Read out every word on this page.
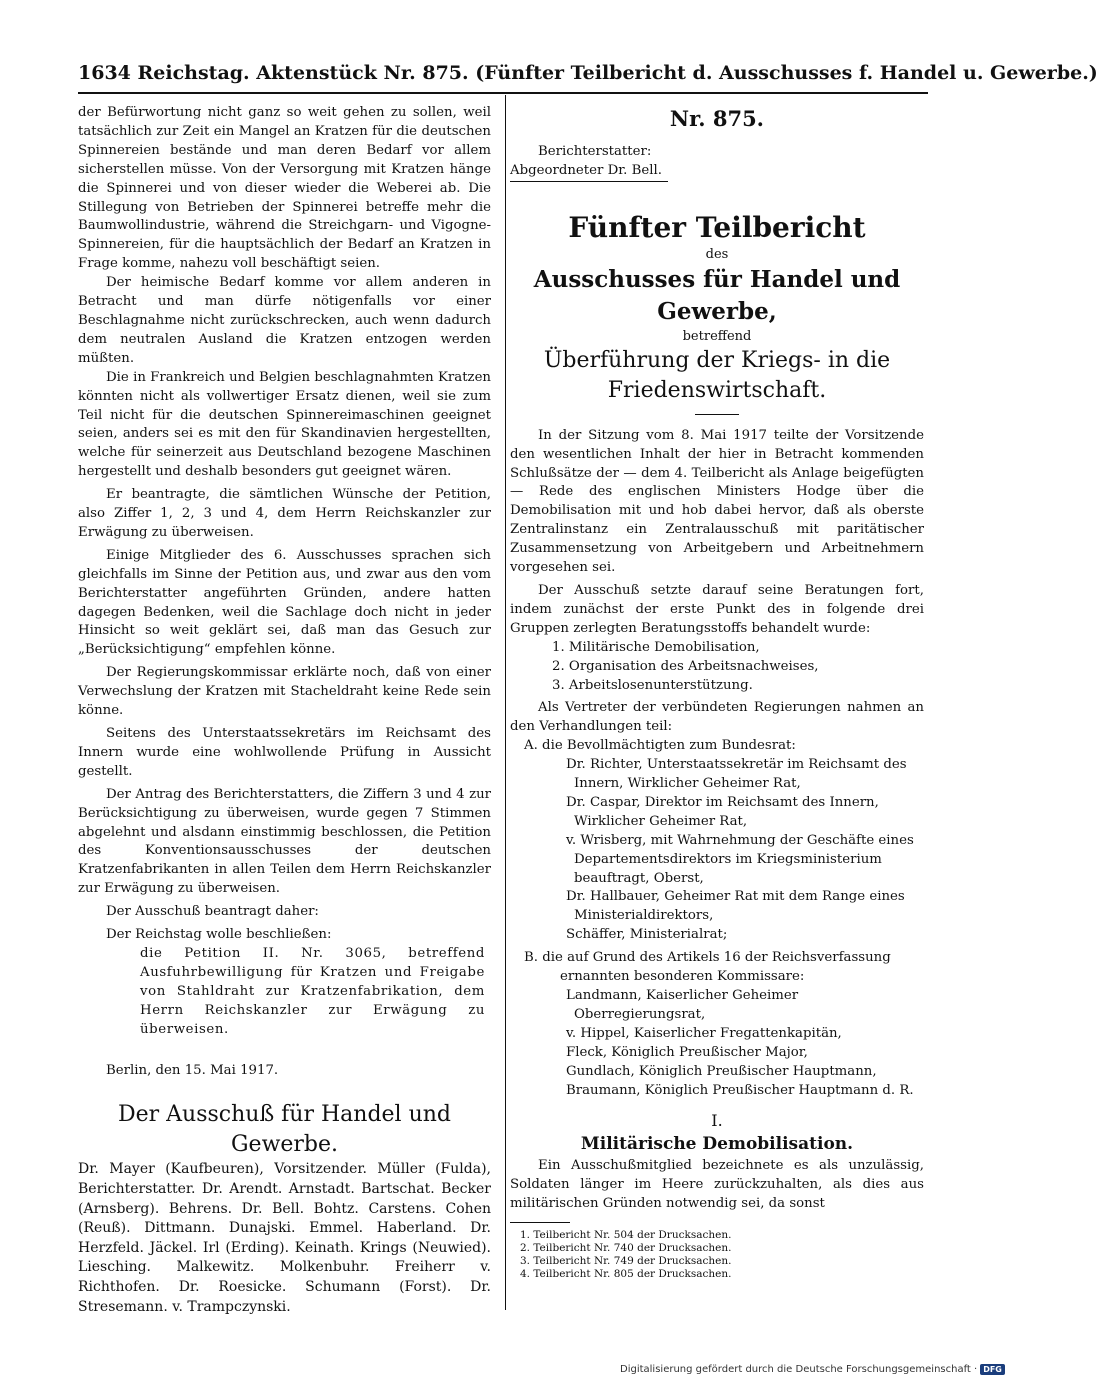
1634 Reichstag. Aktenstück Nr. 875. (Fünfter Teilbericht d. Ausschusses f. Handel u. Gewerbe.)

der Befürwortung nicht ganz so weit gehen zu sollen, weil tatsächlich zur Zeit ein Mangel an Kratzen für die deutschen Spinnereien bestände und man deren Bedarf vor allem sicherstellen müsse. Von der Versorgung mit Kratzen hänge die Spinnerei und von dieser wieder die Weberei ab. Die Stillegung von Betrieben der Spinnerei betreffe mehr die Baumwollindustrie, während die Streichgarn- und Vigogne-Spinnereien, für die hauptsächlich der Bedarf an Kratzen in Frage komme, nahezu voll beschäftigt seien.

Der heimische Bedarf komme vor allem anderen in Betracht und man dürfe nötigenfalls vor einer Beschlagnahme nicht zurückschrecken, auch wenn dadurch dem neutralen Ausland die Kratzen entzogen werden müßten.

Die in Frankreich und Belgien beschlagnahmten Kratzen könnten nicht als vollwertiger Ersatz dienen, weil sie zum Teil nicht für die deutschen Spinnereimaschinen geeignet seien, anders sei es mit den für Skandinavien hergestellten, welche für seinerzeit aus Deutschland bezogene Maschinen hergestellt und deshalb besonders gut geeignet wären.

Er beantragte, die sämtlichen Wünsche der Petition, also Ziffer 1, 2, 3 und 4, dem Herrn Reichskanzler zur Erwägung zu überweisen.

Einige Mitglieder des 6. Ausschusses sprachen sich gleichfalls im Sinne der Petition aus, und zwar aus den vom Berichterstatter angeführten Gründen, andere hatten dagegen Bedenken, weil die Sachlage doch nicht in jeder Hinsicht so weit geklärt sei, daß man das Gesuch zur „Berücksichtigung“ empfehlen könne.

Der Regierungskommissar erklärte noch, daß von einer Verwechslung der Kratzen mit Stacheldraht keine Rede sein könne.

Seitens des Unterstaatssekretärs im Reichsamt des Innern wurde eine wohlwollende Prüfung in Aussicht gestellt.

Der Antrag des Berichterstatters, die Ziffern 3 und 4 zur Berücksichtigung zu überweisen, wurde gegen 7 Stimmen abgelehnt und alsdann einstimmig beschlossen, die Petition des Konventionsausschusses der deutschen Kratzenfabrikanten in allen Teilen dem Herrn Reichskanzler zur Erwägung zu überweisen.

Der Ausschuß beantragt daher:

Der Reichstag wolle beschließen:

die Petition II. Nr. 3065, betreffend Ausfuhrbewilligung für Kratzen und Freigabe von Stahldraht zur Kratzenfabrikation, dem Herrn Reichskanzler zur Erwägung zu überweisen.

Berlin, den 15. Mai 1917.

Der Ausschuß für Handel und Gewerbe.

Dr. Mayer (Kaufbeuren), Vorsitzender. Müller (Fulda), Berichterstatter. Dr. Arendt. Arnstadt. Bartschat. Becker (Arnsberg). Behrens. Dr. Bell. Bohtz. Carstens. Cohen (Reuß). Dittmann. Dunajski. Emmel. Haberland. Dr. Herzfeld. Jäckel. Irl (Erding). Keinath. Krings (Neuwied). Liesching. Malkewitz. Molkenbuhr. Freiherr v. Richthofen. Dr. Roesicke. Schumann (Forst). Dr. Stresemann. v. Trampczynski.

Nr. 875.
Berichterstatter:
Abgeordneter Dr. Bell.
Fünfter Teilbericht
des
Ausschusses für Handel und Gewerbe,
betreffend
Überführung der Kriegs- in die Friedenswirtschaft.

In der Sitzung vom 8. Mai 1917 teilte der Vorsitzende den wesentlichen Inhalt der hier in Betracht kommenden Schlußsätze der — dem 4. Teilbericht als Anlage beigefügten — Rede des englischen Ministers Hodge über die Demobilisation mit und hob dabei hervor, daß als oberste Zentralinstanz ein Zentralausschuß mit paritätischer Zusammensetzung von Arbeitgebern und Arbeitnehmern vorgesehen sei.

Der Ausschuß setzte darauf seine Beratungen fort, indem zunächst der erste Punkt des in folgende drei Gruppen zerlegten Beratungsstoffs behandelt wurde:

1. Militärische Demobilisation,
2. Organisation des Arbeitsnachweises,
3. Arbeitslosenunterstützung.

Als Vertreter der verbündeten Regierungen nahmen an den Verhandlungen teil:

A. die Bevollmächtigten zum Bundesrat:
Dr. Richter, Unterstaatssekretär im Reichsamt des Innern, Wirklicher Geheimer Rat,
Dr. Caspar, Direktor im Reichsamt des Innern, Wirklicher Geheimer Rat,
v. Wrisberg, mit Wahrnehmung der Geschäfte eines Departementsdirektors im Kriegsministerium beauftragt, Oberst,
Dr. Hallbauer, Geheimer Rat mit dem Range eines Ministerialdirektors,
Schäffer, Ministerialrat;
B. die auf Grund des Artikels 16 der Reichsverfassung ernannten besonderen Kommissare:
Landmann, Kaiserlicher Geheimer Oberregierungsrat,
v. Hippel, Kaiserlicher Fregattenkapitän,
Fleck, Königlich Preußischer Major,
Gundlach, Königlich Preußischer Hauptmann,
Braumann, Königlich Preußischer Hauptmann d. R.
I.
Militärische Demobilisation.

Ein Ausschußmitglied bezeichnete es als unzulässig, Soldaten länger im Heere zurückzuhalten, als dies aus militärischen Gründen notwendig sei, da sonst

1. Teilbericht Nr. 504 der Drucksachen.
2. Teilbericht Nr. 740 der Drucksachen.
3. Teilbericht Nr. 749 der Drucksachen.
4. Teilbericht Nr. 805 der Drucksachen.
Digitalisierung gefördert durch die Deutsche Forschungsgemeinschaft · DFG
